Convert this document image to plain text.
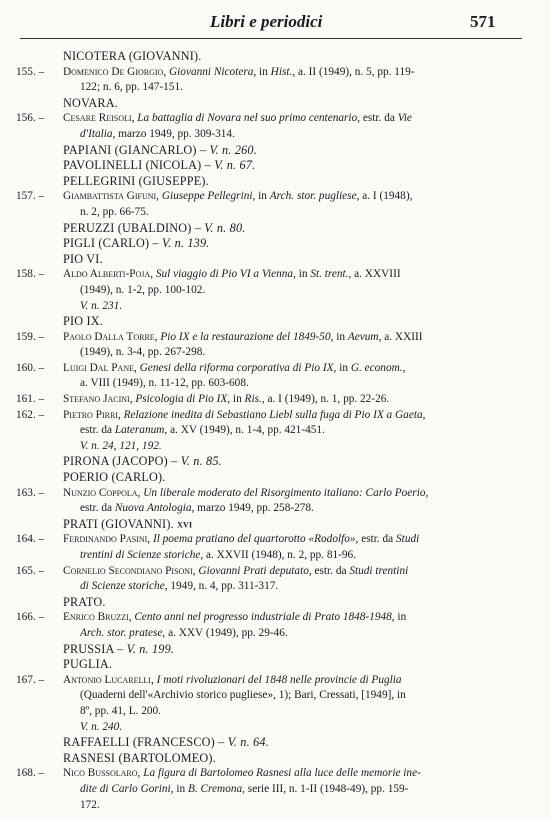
Libri e periodici	571
NICOTERA (GIOVANNI).
155. –	Domenico De Giorgio, Giovanni Nicotera, in Hist., a. II (1949), n. 5, pp. 119-
122; n. 6, pp. 147-151.
NOVARA.
156. –	Cesare Reisoli, La battaglia di Novara nel suo primo centenario, estr. da Vie
d'Italia, marzo 1949, pp. 309-314.
PAPIANI (GIANCARLO) – V. n. 260.
PAVOLINELLI (NICOLA) – V. n. 67.
PELLEGRINI (GIUSEPPE).
157. –	Giambattista Gifuni, Giuseppe Pellegrini, in Arch. stor. pugliese, a. I (1948),
n. 2, pp. 66-75.
PERUZZI (UBALDINO) – V. n. 80.
PIGLI (CARLO) – V. n. 139.
PIO VI.
158. –	Aldo Alberti-Poja, Sul viaggio di Pio VI a Vienna, in St. trent., a. XXVIII
(1949), n. 1-2, pp. 100-102.
V. n. 231.
PIO IX.
159. –	Paolo Dalla Torre, Pio IX e la restaurazione del 1849-50, in Aevum, a. XXIII
(1949), n. 3-4, pp. 267-298.
160. –	Luigi Dal Pane, Genesi della riforma corporativa di Pio IX, in G. econom.,
a. VIII (1949), n. 11-12, pp. 603-608.
161. –	Stefano Jacini, Psicologia di Pio IX, in Ris., a. I (1949), n. 1, pp. 22-26.
162. –	Pietro Pirri, Relazione inedita di Sebastiano Liebl sulla fuga di Pio IX a Gaeta,
estr. da Lateranum, a. XV (1949), n. 1-4, pp. 421-451.
V. n. 24, 121, 192.
PIRONA (JACOPO) – V. n. 85.
POERIO (CARLO).
163. –	Nunzio Coppola, Un liberale moderato del Risorgimento italiano: Carlo Poerio,
estr. da Nuova Antologia, marzo 1949, pp. 258-278.
PRATI (GIOVANNI). XVI
164. –	Ferdinando Pasini, Il poema pratiano del quartorotto «Rodolfo», estr. da Studi
trentini di Scienze storiche, a. XXVII (1948), n. 2, pp. 81-96.
165. –	Cornelio Secondiano Pisoni, Giovanni Prati deputato, estr. da Studi trentini
di Scienze storiche, 1949, n. 4, pp. 311-317.
PRATO.
166. –	Enrico Bruzzi, Cento anni nel progresso industriale di Prato 1848-1948, in
Arch. stor. pratese, a. XXV (1949), pp. 29-46.
PRUSSIA – V. n. 199.
PUGLIA.
167. –	Antonio Lucarelli, I moti rivoluzionari del 1848 nelle provincie di Puglia
(Quaderni dell'«Archivio storico pugliese», 1); Bari, Cressati, [1949], in
8º, pp. 41, L. 200.
V. n. 240.
RAFFAELLI (FRANCESCO) – V. n. 64.
RASNESI (BARTOLOMEO).
168. –	Nico Bussolaro, La figura di Bartolomeo Rasnesi alla luce delle memorie ine-
dite di Carlo Gorini, in B. Cremona, serie III, n. 1-II (1948-49), pp. 159-
172.
